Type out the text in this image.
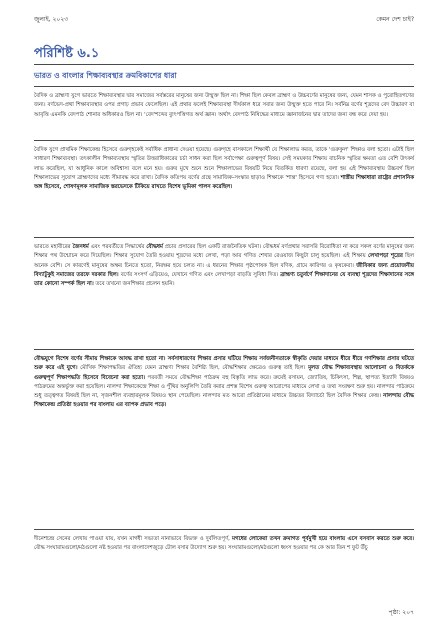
জুলাই, ২০২৩	কেমন দেশ চাই?
পরিশিষ্ট ৬.১
ভারত ও বাংলার শিক্ষাব্যবস্থার ক্রমবিকাশের ধারা

বৈদিক ও ব্রাহ্মণ্য যুগে ভারতে শিক্ষাব্যবস্থার দ্বার সমাজের সর্বস্তরের মানুষের জন্য উন্মুক্ত ছিল না। শিক্ষা ছিল কেবল ব্রাহ্মণ ও উচ্চবর্ণের মানুষের জন্য, যেমন শাসক ও পুরোহিতগণের জন্য। বর্ণভেদ-প্রথা শিক্ষাব্যবস্থার ওপর প্রগাঢ় প্রভাব ফেলেছিল। এই প্রথার ফলেই শিক্ষাব্যবস্থা দীর্ঘকাল ধরে সবার জন্য উন্মুক্ত হতে পারে নি। সর্বনিম্ন বর্ণের শূদ্রদের বেদ উচ্চারণ বা আবৃত্তি এমনকি বেদপাঠ শোনার অধিকারও ছিল না। 'বেদ'শব্দের ব্যুৎপত্তিগত অর্থ জ্ঞান। অর্থাৎ বেদপাঠ নিষিদ্ধের মাধ্যমে জ্ঞানার্জনের দ্বার তাদের জন্য বন্ধ করে দেয়া হয়।

বৈদিক যুগে প্রাথমিক শিক্ষাকেন্দ্র হিসেবে গুরুগৃহকেই সর্বাধিক প্রাধান্য দেওয়া হয়েছে। গুরুগৃহে বাসকালে শিক্ষার্থী যে শিক্ষালাভ করত, তাকে 'গুরুকুল' শিক্ষাও বলা হতো। এটাই ছিল সাধারণ শিক্ষাব্যবস্থা। তৎকালীন শিক্ষাব্যবস্থায় স্মৃতির উত্তরাধিকারের চর্চা সাধন করা ছিল সর্বাপেক্ষা গুরুত্বপূর্ণ বিষয়। সেই সময়কার শিক্ষায় বাচনিক স্মৃতির ক্ষমতা এত বেশি উৎকর্ষ লাভ করেছিল, যা আধুনিক কালে অবিশ্বাস্য বলে মনে হয়। গুরুর মুখে শুনে শুনে শিক্ষালাভের বিষয়টি নিয়ে বিতর্কিত ধারণা রয়েছে, বলা হয় এই শিক্ষাব্যবস্থায় উচ্চবর্গ ছিল শিক্ষালাভের সুযোগ ব্রাহ্মণদের মধ্যে সীমাবদ্ধ করে রাখা। বৈদিক কতিপয় বর্ণের গ্রন্থে সামাজিক-সংস্কার ছাড়াও শিক্ষাকে 'শান্ত্র' হিসেবে গণ্য হতো। শাস্ত্রীয় শিক্ষাধারা রাষ্ট্রের প্রশাসনিক অঙ্গ হিসেবে, শোষণমূলক সামাজিক স্তরভেদকে টিকিয়ে রাখতে বিশেষ ভূমিকা পালন করেছিল।

ভারতে মহাবীরের জৈনধর্ম এবং পরবর্তীতে সিদ্ধার্থের বৌদ্ধধর্ম প্রচার প্রসারের ছিল একটি রাজনৈতিক ঘটনা। বৌদ্ধধর্ম বর্ণপ্রথার সরাসরি বিরোধিতা না করে সকল বর্ণের মানুষের জন্য শিক্ষার পথ উন্মোচন করে দিয়েছিল। শিক্ষার সুযোগ তৈরি হওয়ায় শূদ্রদের মধ্যে লেখা, পড়া আর গণিত শেখার রেওয়াজ কিছুটা চালু হয়েছিল। এই শিক্ষায় লেখাপড়া শূদ্রের ছিল অনেক বেশি। সে কারণেই মানুষের অক্ষর চিনতে হতো, নিরক্ষর হয়ে চলত না। এ ধরনের শিক্ষার পৃষ্ঠপোষক ছিল বণিক, গ্রামে কারিগর ও কৃষকেরা। জীবিকার জন্য প্রয়োজনীয় বিদ্যাটুকুই সমাজের তরফে দরকার ছিল। বর্ণের সংসর্গ এড়িয়েও, যেখানে গণিত এবং লেখাপড়া বাড়তি সুবিধা দিত। ব্রাহ্মণ্য চতুর্বর্ণে শিক্ষাদানের যে ব্যবস্থা শূদ্রদের শিক্ষাদানের সঙ্গে তার কোনো সম্পর্ক ছিল না। তবে তখনো জনশিক্ষার প্রচলন হয়নি।

বৌদ্ধযুগে বিশেষ বর্ণের সীমায় শিক্ষাকে আবদ্ধ রাখা হতো না। সর্বসাধারণের শিক্ষার প্রসার ঘটিয়ে শিক্ষায় সর্বজনীনতাকে স্বীকৃতি দেয়ার মাধ্যমে ধীরে ধীরে গণশিক্ষার প্রসার ঘটতে শুরু করে এই যুগে। মৌখিক শিক্ষাপদ্ধতির ঐতিহ্য যেমন ব্রাহ্মণ্য শিক্ষার বৈশিষ্ট্য ছিল, বৌদ্ধশিক্ষার ক্ষেত্রেও গুরুত্ব তাই ছিল। মূলত বৌদ্ধ শিক্ষাব্যবস্থায় আলোচনা ও বিতর্ককে গুরুত্বপূর্ণ শিক্ষাপদ্ধতি হিসেবে বিবেচনা করা হতো। পরবর্তী সময়ে বৌদ্ধশিক্ষা পাঠক্রম বহু বিস্তৃতি লাভ করে। ক্রমেই রসায়ন, জ্যোতিষ, চিকিৎসা, শিল্প, স্থাপত্য ইত্যাদি বিষয়ও পাঠক্রমের অন্তর্ভুক্ত করা হয়েছিল। নালন্দা শিক্ষাকেন্দ্রে শিক্ষা ও পুঁথির অনুলিপি তৈরি করার প্রশস্ত বিশেষ গুরুত্ব আরোপের মাধ্যমে লেখা ও তথ্য সংরক্ষণ শুরু হয়। নালন্দার পাঠক্রমে শুধু তত্ত্বগত বিষয়ই ছিল না, সৃজনশীল ব্যবহারমূলক বিষয়ও স্থান পেয়েছিল। নালন্দার মত আরো প্রতিষ্ঠানের মাধ্যমে উচ্চতর বিদ্যাচর্চা ছিল বৈদিক শিক্ষার কেন্দ্র। নালন্দায় বৌদ্ধ শিক্ষাকেন্দ্র প্রতিষ্ঠা হওয়ার পর বাংলায় এর ব্যাপক প্রভাব পড়ে।

দীনেশচন্দ্র সেনের লেখায় পাওয়া যায়, যখন মাগধী সভ্যতা নানাভাবে বিভক্ত ও দুর্বলিতপূর্ণ, মগধের লোকেরা তখন ক্রমাগত পূর্বমুখী হয়ে বাংলায় এসে বসবাস করতে শুরু করে। বৌদ্ধ সংঘারামগুলো/মঠগুলো নষ্ট হওয়ার পর বাংলাদেশজুড়ে টোল বসার উদ্যোগ শুরু হয়। সংঘারামগুলো/মঠগুলো ধ্বংস হওয়ার পর কে আর তিন শ ফুট উঁচু

পৃষ্ঠা: ২০৭
